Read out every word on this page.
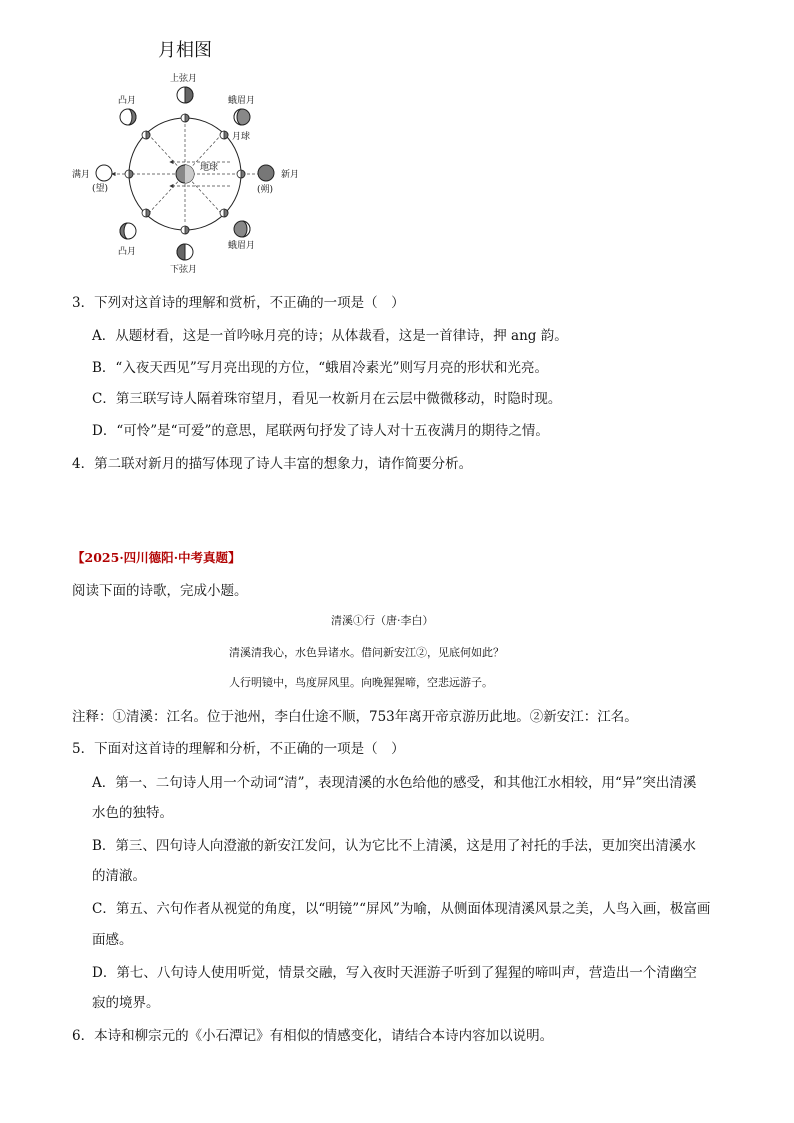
月相图
地球
月球
上弦月
蛾眉月
新月
(朔)
蛾眉月
下弦月
凸月
满月
(望)
凸月
3．下列对这首诗的理解和赏析，不正确的一项是（　）
A．从题材看，这是一首吟咏月亮的诗；从体裁看，这是一首律诗，押 ang 韵。
B．“入夜天西见”写月亮出现的方位，“蛾眉冷素光”则写月亮的形状和光亮。
C．第三联写诗人隔着珠帘望月，看见一枚新月在云层中微微移动，时隐时现。
D．“可怜”是“可爱”的意思，尾联两句抒发了诗人对十五夜满月的期待之情。
4．第二联对新月的描写体现了诗人丰富的想象力，请作简要分析。
【2025·四川德阳·中考真题】
阅读下面的诗歌，完成小题。
清溪①行（唐·李白）
清溪清我心，水色异诸水。借问新安江②，见底何如此？
人行明镜中，鸟度屏风里。向晚猩猩啼，空悲远游子。
注释：①清溪：江名。位于池州，李白仕途不顺，753年离开帝京游历此地。②新安江：江名。
5．下面对这首诗的理解和分析，不正确的一项是（　）
A．第一、二句诗人用一个动词“清”，表现清溪的水色给他的感受，和其他江水相较，用“异”突出清溪
水色的独特。
B．第三、四句诗人向澄澈的新安江发问，认为它比不上清溪，这是用了衬托的手法，更加突出清溪水
的清澈。
C．第五、六句作者从视觉的角度，以“明镜”“屏风”为喻，从侧面体现清溪风景之美，人鸟入画，极富画
面感。
D．第七、八句诗人使用听觉，情景交融，写入夜时天涯游子听到了猩猩的啼叫声，营造出一个清幽空
寂的境界。
6．本诗和柳宗元的《小石潭记》有相似的情感变化，请结合本诗内容加以说明。
